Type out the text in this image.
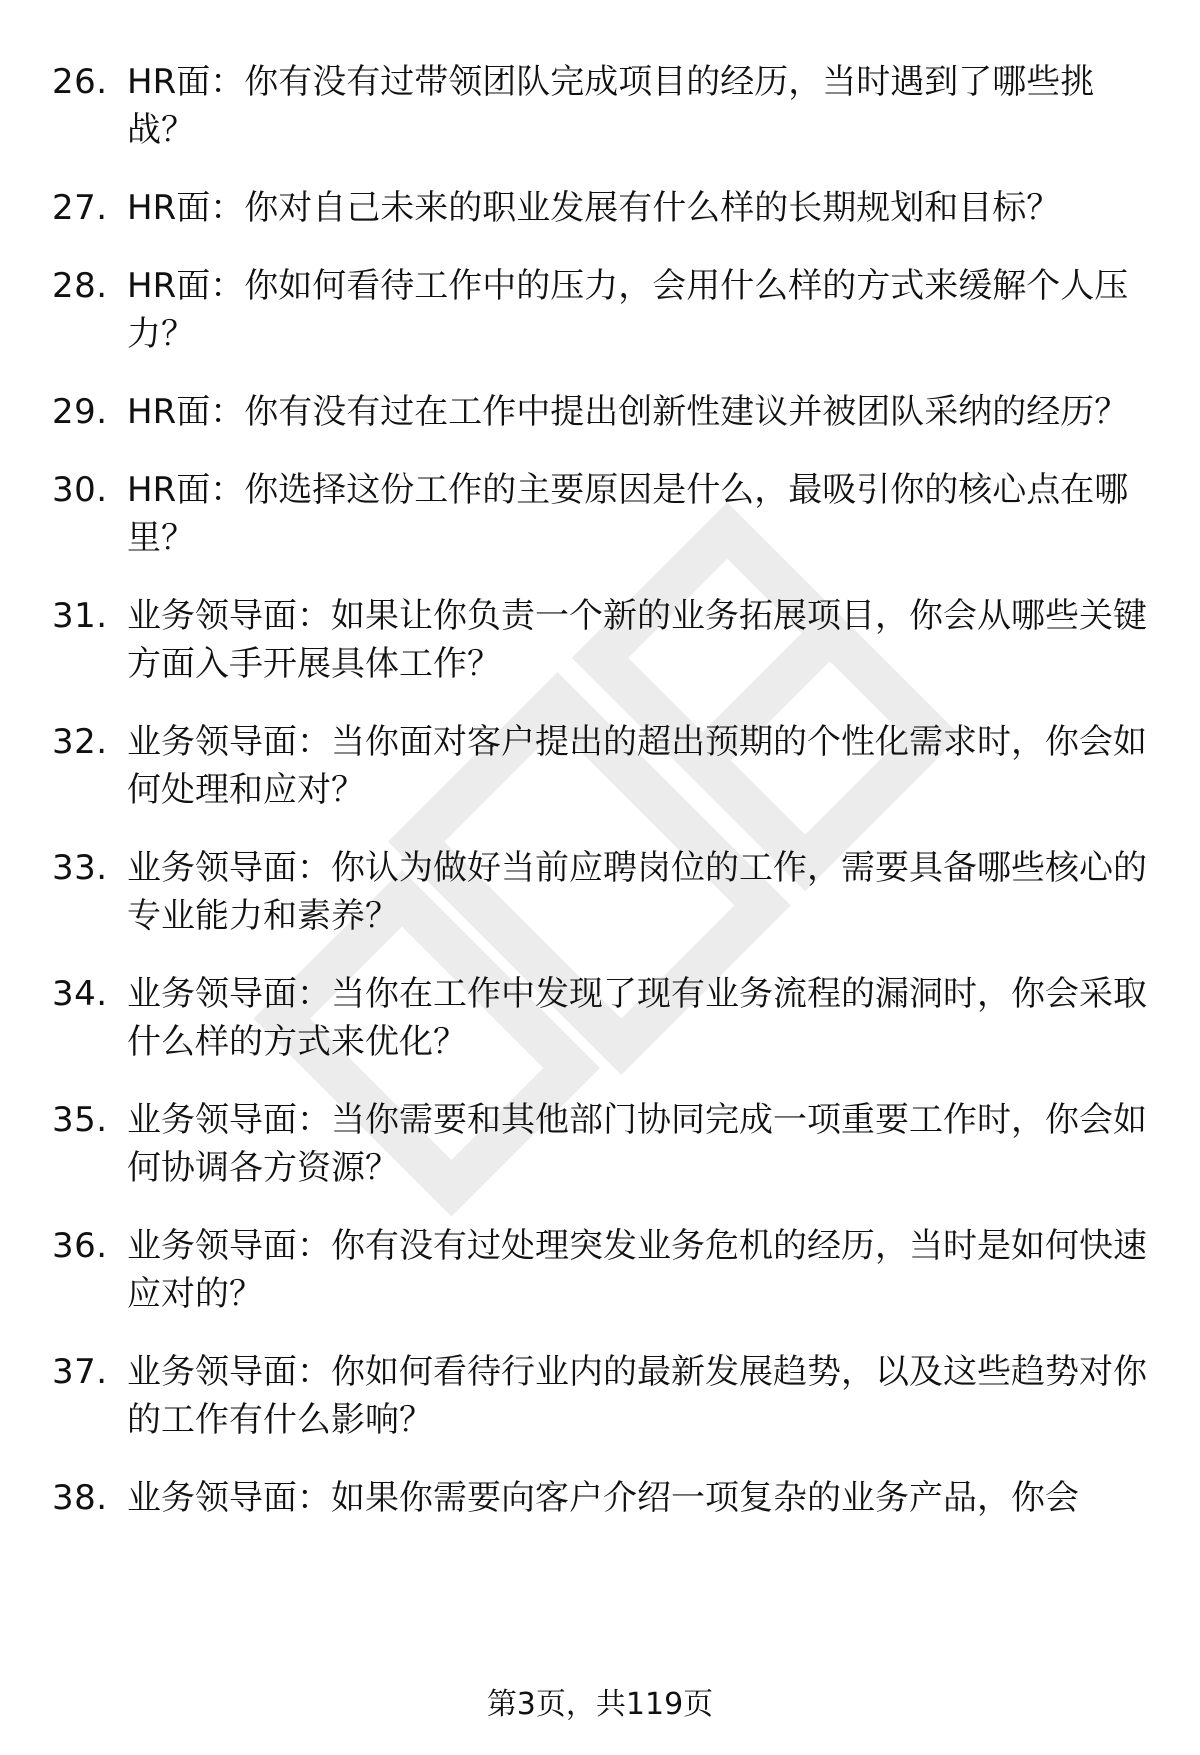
26. HR面：你有没有过带领团队完成项目的经历，当时遇到了哪些挑战？
27. HR面：你对自己未来的职业发展有什么样的长期规划和目标？
28. HR面：你如何看待工作中的压力，会用什么样的方式来缓解个人压力？
29. HR面：你有没有过在工作中提出创新性建议并被团队采纳的经历？
30. HR面：你选择这份工作的主要原因是什么，最吸引你的核心点在哪里？
31. 业务领导面：如果让你负责一个新的业务拓展项目，你会从哪些关键方面入手开展具体工作？
32. 业务领导面：当你面对客户提出的超出预期的个性化需求时，你会如何处理和应对？
33. 业务领导面：你认为做好当前应聘岗位的工作，需要具备哪些核心的专业能力和素养？
34. 业务领导面：当你在工作中发现了现有业务流程的漏洞时，你会采取什么样的方式来优化？
35. 业务领导面：当你需要和其他部门协同完成一项重要工作时，你会如何协调各方资源？
36. 业务领导面：你有没有过处理突发业务危机的经历，当时是如何快速应对的？
37. 业务领导面：你如何看待行业内的最新发展趋势，以及这些趋势对你的工作有什么影响？
38. 业务领导面：如果你需要向客户介绍一项复杂的业务产品，你会
第3页，共119页
